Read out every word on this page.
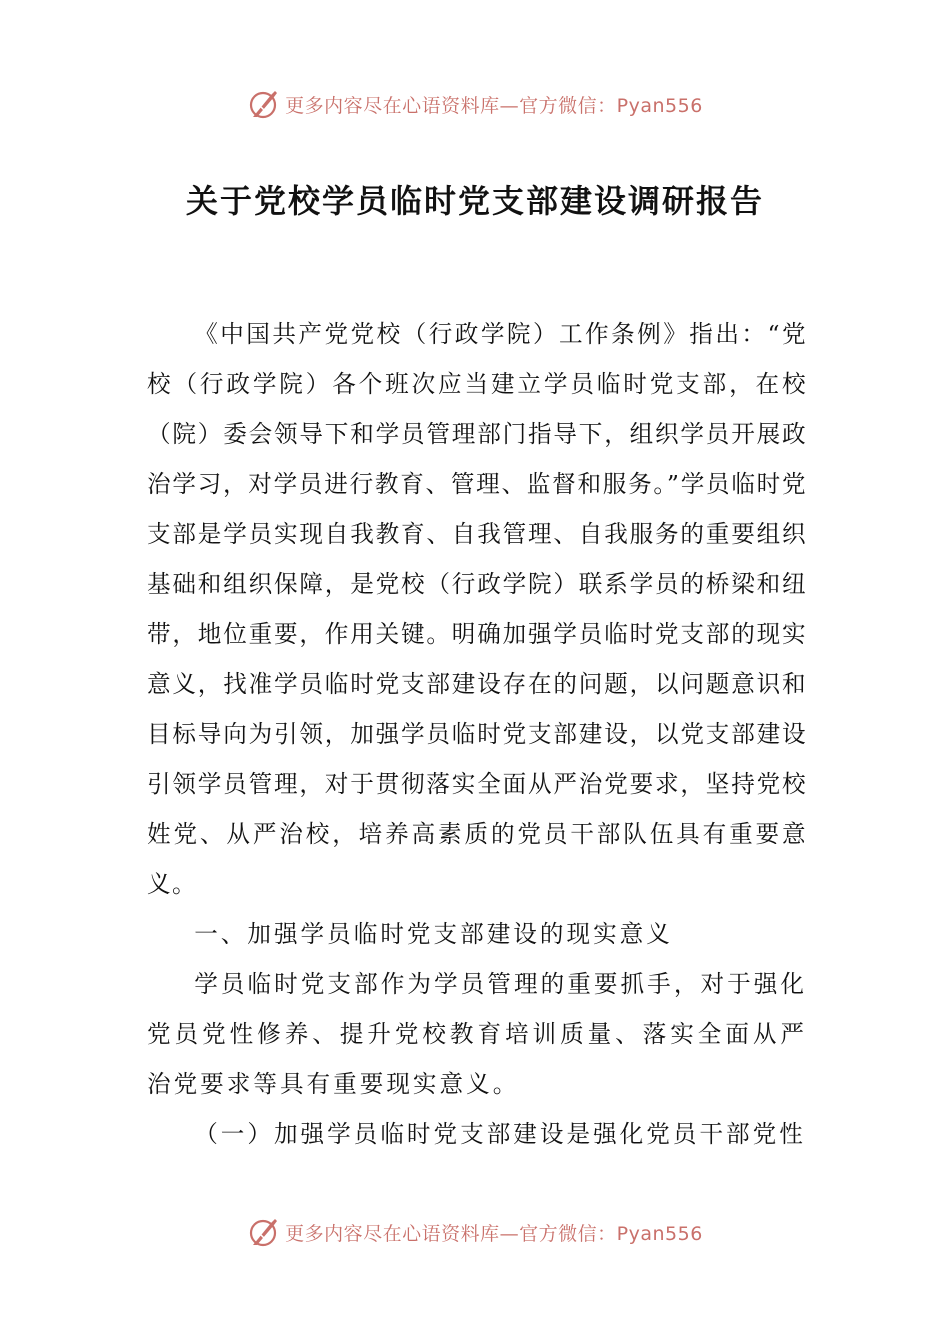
更多内容尽在心语资料库—官方微信：Pyan556
关于党校学员临时党支部建设调研报告

《中国共产党党校（行政学院）工作条例》指出：“党校（行政学院）各个班次应当建立学员临时党支部，在校（院）委会领导下和学员管理部门指导下，组织学员开展政治学习，对学员进行教育、管理、监督和服务。”学员临时党支部是学员实现自我教育、自我管理、自我服务的重要组织基础和组织保障，是党校（行政学院）联系学员的桥梁和纽带，地位重要，作用关键。明确加强学员临时党支部的现实意义，找准学员临时党支部建设存在的问题，以问题意识和目标导向为引领，加强学员临时党支部建设，以党支部建设引领学员管理，对于贯彻落实全面从严治党要求，坚持党校姓党、从严治校，培养高素质的党员干部队伍具有重要意义。

一、加强学员临时党支部建设的现实意义

学员临时党支部作为学员管理的重要抓手，对于强化党员党性修养、提升党校教育培训质量、落实全面从严治党要求等具有重要现实意义。

（一）加强学员临时党支部建设是强化党员干部党性

更多内容尽在心语资料库—官方微信：Pyan556
